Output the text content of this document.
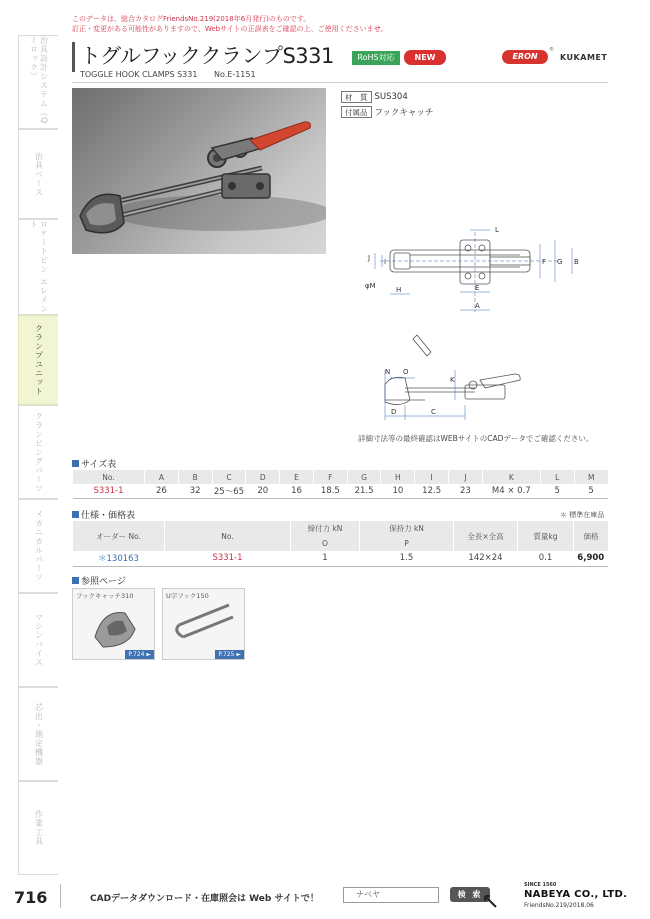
このデータは、総合カタログFriendsNo.219(2018年6月発行)のものです。
訂正・変更がある可能性がありますので、Webサイトの正誤表をご確認の上、ご使用くださいませ。
治具設計システム（Qーロック）
治具ベース
ロケートピン エレメント
クランプユニット
クランピングパーツ
メカニカルパーツ
マシンバイス
芯出・測定機器
作業工具
トグルフッククランプS331	RoHS対応	NEW
TOGGLE HOOK CLAMPS S331 No.E-1151
ERON
®
KUKAMET
材　質 SUS304
付属品 フックキャッチ
L
J I	F G B
φM	H	E
A
N O
K
D	C
詳細寸法等の最終確認はWEBサイトのCADデータでご確認ください。
サイズ表
No.	A	B	C	D	E	F	G	H	I	J	K	L	M
S331-1	26	32	25～65	20	16	18.5	21.5	10	12.5	23	M4 × 0.7	5	5
仕様・価格表	＊ 標準在庫品
オーダー No.	No.	締付力 kN	保持力 kN	全長×全高	質量kg	価格
		O	P			
＊130163	S331-1	1	1.5	142×24	0.1	6,900
参照ページ
フックキャッチ310
P.724 ►
U字フック150
P.725 ►
716	CADデータダウンロード・在庫照会は Web サイトで！	ナベヤ	検 索
SINCE 1560
NABEYA CO., LTD.
FriendsNo.219/2018.06
